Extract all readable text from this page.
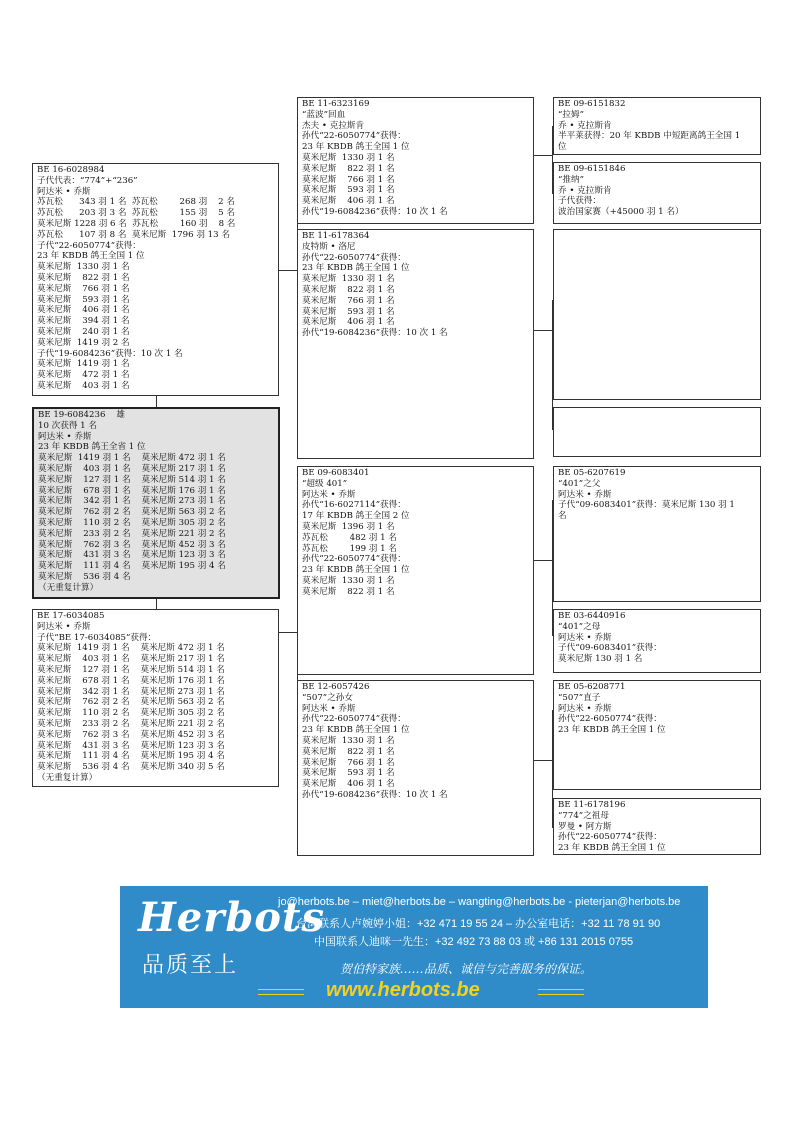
BE 16-6028984
子代代表：“774”+“236”
阿达米 • 乔斯
苏瓦松      343 羽 1 名  苏瓦松        268 羽    2 名
苏瓦松      203 羽 3 名  苏瓦松        155 羽    5 名
莫米尼斯 1228 羽 6 名  苏瓦松        160 羽    8 名
苏瓦松      107 羽 8 名  莫米尼斯  1796 羽 13 名
子代“22-6050774”获得：
23 年 KBDB 鸽王全国 1 位
莫米尼斯  1330 羽 1 名
莫米尼斯    822 羽 1 名
莫米尼斯    766 羽 1 名
莫米尼斯    593 羽 1 名
莫米尼斯    406 羽 1 名
莫米尼斯    394 羽 1 名
莫米尼斯    240 羽 1 名
莫米尼斯  1419 羽 2 名
子代“19-6084236”获得：10 次 1 名
莫米尼斯  1419 羽 1 名
莫米尼斯    472 羽 1 名
莫米尼斯    403 羽 1 名
BE 19-6084236    雄
10 次获得 1 名
阿达米 • 乔斯
23 年 KBDB 鸽王全省 1 位
莫米尼斯  1419 羽 1 名    莫米尼斯 472 羽 1 名
莫米尼斯    403 羽 1 名    莫米尼斯 217 羽 1 名
莫米尼斯    127 羽 1 名    莫米尼斯 514 羽 1 名
莫米尼斯    678 羽 1 名    莫米尼斯 176 羽 1 名
莫米尼斯    342 羽 1 名    莫米尼斯 273 羽 1 名
莫米尼斯    762 羽 2 名    莫米尼斯 563 羽 2 名
莫米尼斯    110 羽 2 名    莫米尼斯 305 羽 2 名
莫米尼斯    233 羽 2 名    莫米尼斯 221 羽 2 名
莫米尼斯    762 羽 3 名    莫米尼斯 452 羽 3 名
莫米尼斯    431 羽 3 名    莫米尼斯 123 羽 3 名
莫米尼斯    111 羽 4 名    莫米尼斯 195 羽 4 名
莫米尼斯    536 羽 4 名
（无重复计算）
BE 17-6034085
阿达米 • 乔斯
子代“BE 17-6034085”获得：
莫米尼斯  1419 羽 1 名    莫米尼斯 472 羽 1 名
莫米尼斯    403 羽 1 名    莫米尼斯 217 羽 1 名
莫米尼斯    127 羽 1 名    莫米尼斯 514 羽 1 名
莫米尼斯    678 羽 1 名    莫米尼斯 176 羽 1 名
莫米尼斯    342 羽 1 名    莫米尼斯 273 羽 1 名
莫米尼斯    762 羽 2 名    莫米尼斯 563 羽 2 名
莫米尼斯    110 羽 2 名    莫米尼斯 305 羽 2 名
莫米尼斯    233 羽 2 名    莫米尼斯 221 羽 2 名
莫米尼斯    762 羽 3 名    莫米尼斯 452 羽 3 名
莫米尼斯    431 羽 3 名    莫米尼斯 123 羽 3 名
莫米尼斯    111 羽 4 名    莫米尼斯 195 羽 4 名
莫米尼斯    536 羽 4 名    莫米尼斯 340 羽 5 名
（无重复计算）
BE 11-6323169
“蓝波”回血
杰夫 • 克拉斯肯
孙代“22-6050774”获得：
23 年 KBDB 鸽王全国 1 位
莫米尼斯  1330 羽 1 名
莫米尼斯    822 羽 1 名
莫米尼斯    766 羽 1 名
莫米尼斯    593 羽 1 名
莫米尼斯    406 羽 1 名
孙代“19-6084236”获得：10 次 1 名
BE 11-6178364
皮特斯 • 洛尼
孙代“22-6050774”获得：
23 年 KBDB 鸽王全国 1 位
莫米尼斯  1330 羽 1 名
莫米尼斯    822 羽 1 名
莫米尼斯    766 羽 1 名
莫米尼斯    593 羽 1 名
莫米尼斯    406 羽 1 名
孙代“19-6084236”获得：10 次 1 名
BE 09-6083401
“超级 401”
阿达米 • 乔斯
孙代“16-6027114”获得：
17 年 KBDB 鸽王全国 2 位
莫米尼斯  1396 羽 1 名
苏瓦松        482 羽 1 名
苏瓦松        199 羽 1 名
孙代“22-6050774”获得：
23 年 KBDB 鸽王全国 1 位
莫米尼斯  1330 羽 1 名
莫米尼斯    822 羽 1 名
BE 12-6057426
“507”之孙女
阿达米 • 乔斯
孙代“22-6050774”获得：
23 年 KBDB 鸽王全国 1 位
莫米尼斯  1330 羽 1 名
莫米尼斯    822 羽 1 名
莫米尼斯    766 羽 1 名
莫米尼斯    593 羽 1 名
莫米尼斯    406 羽 1 名
孙代“19-6084236”获得：10 次 1 名
BE 09-6151832
“拉姆”
乔 • 克拉斯肯
半平莱获得：20 年 KBDB 中短距离鸽王全国 1
位
BE 09-6151846
“推纳”
乔 • 克拉斯肯
子代获得：
波治国家赛（+45000 羽 1 名）
BE 05-6207619
“401”之父
阿达米 • 乔斯
子代“09-6083401”获得：莫米尼斯 130 羽 1
名
BE 03-6440916
“401”之母
阿达米 • 乔斯
子代“09-6083401”获得：
莫米尼斯 130 羽 1 名
BE 05-6208771
“507”直子
阿达米 • 乔斯
孙代“22-6050774”获得：
23 年 KBDB 鸽王全国 1 位
BE 11-6178196
“774”之祖母
罗曼 • 阿方斯
孙代“22-6050774”获得：
23 年 KBDB 鸽王全国 1 位
Herbots
品质至上
jo@herbots.be – miet@herbots.be – wangting@herbots.be - pieterjan@herbots.be
台湾联系人卢婉婷小姐：+32 471 19 55 24 – 办公室电话：+32 11 78 91 90
中国联系人迪咪一先生：+32 492 73 88 03 或 +86 131 2015 0755
贺伯特家族……品质、诚信与完善服务的保证。
www.herbots.be
